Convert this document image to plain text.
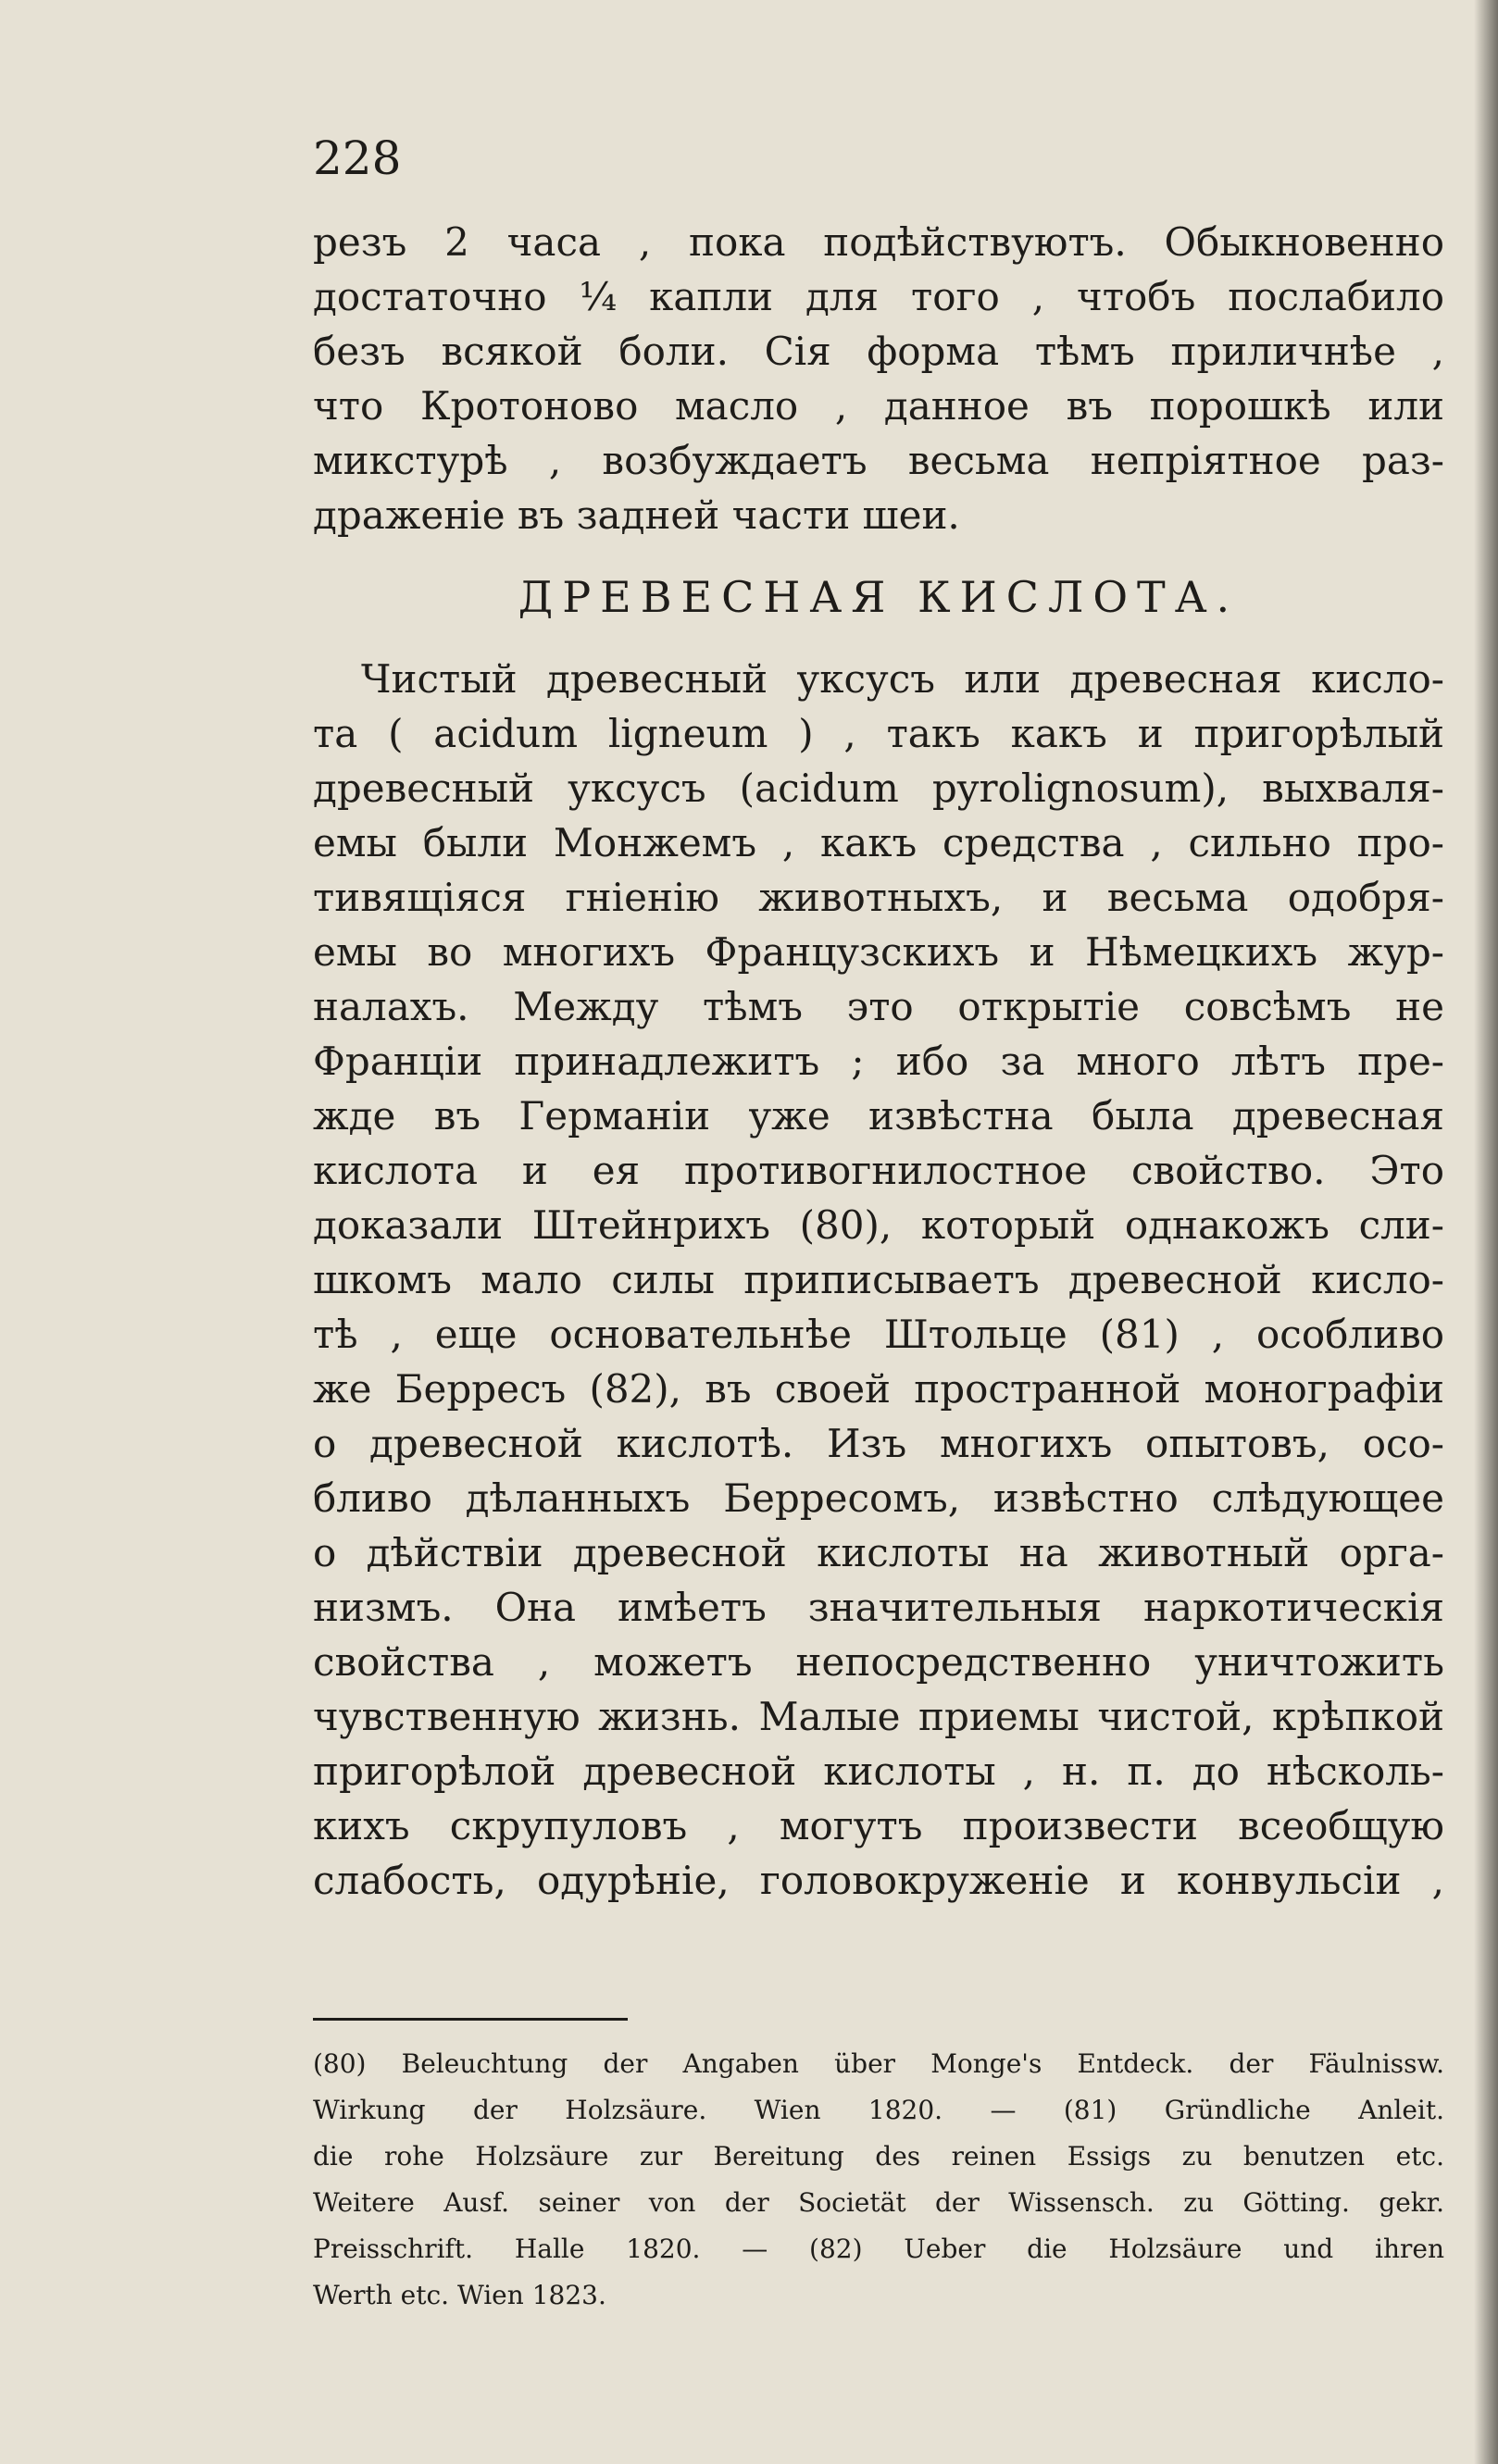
228
резъ 2 часа , пока подѣйствуютъ. Обыкновенно
достаточно ¼ капли для того , чтобъ послабило
безъ всякой боли. Сія форма тѣмъ приличнѣе ,
что Кротоново масло , данное въ порошкѣ или
микстурѣ , возбуждаетъ весьма непріятное раз-
драженіе въ задней части шеи.
ДРЕВЕСНАЯ КИСЛОТА.
Чистый древесный уксусъ или древесная кисло-
та ( acidum ligneum ) , такъ какъ и пригорѣлый
древесный уксусъ (acidum pyrolignosum), выхваля-
емы были Монжемъ , какъ средства , сильно про-
тивящіяся гніенію животныхъ, и весьма одобря-
емы во многихъ Французскихъ и Нѣмецкихъ жур-
налахъ. Между тѣмъ это открытіе совсѣмъ не
Франціи принадлежитъ ; ибо за много лѣтъ пре-
жде въ Германіи уже извѣстна была древесная
кислота и ея противогнилостное свойство. Это
доказали Штейнрихъ (80), который однакожъ сли-
шкомъ мало силы приписываетъ древесной кисло-
тѣ , еще основательнѣе Штольце (81) , особливо
же Берресъ (82), въ своей пространной монографіи
о древесной кислотѣ. Изъ многихъ опытовъ, осо-
бливо дѣланныхъ Берресомъ, извѣстно слѣдующее
о дѣйствіи древесной кислоты на животный орга-
низмъ. Она имѣетъ значительныя наркотическія
свойства , можетъ непосредственно уничтожить
чувственную жизнь. Малые приемы чистой, крѣпкой
пригорѣлой древесной кислоты , н. п. до нѣсколь-
кихъ скрупуловъ , могутъ произвести всеобщую
слабость, одурѣніе, головокруженіе и конвульсіи ,
(80) Beleuchtung der Angaben über Monge's Entdeck. der Fäulnissw.
Wirkung der Holzsäure. Wien 1820. — (81) Gründliche Anleit.
die rohe Holzsäure zur Bereitung des reinen Essigs zu benutzen etc.
Weitere Ausf. seiner von der Societät der Wissensch. zu Götting. gekr.
Preisschrift. Halle 1820. — (82) Ueber die Holzsäure und ihren
Werth etc. Wien 1823.
